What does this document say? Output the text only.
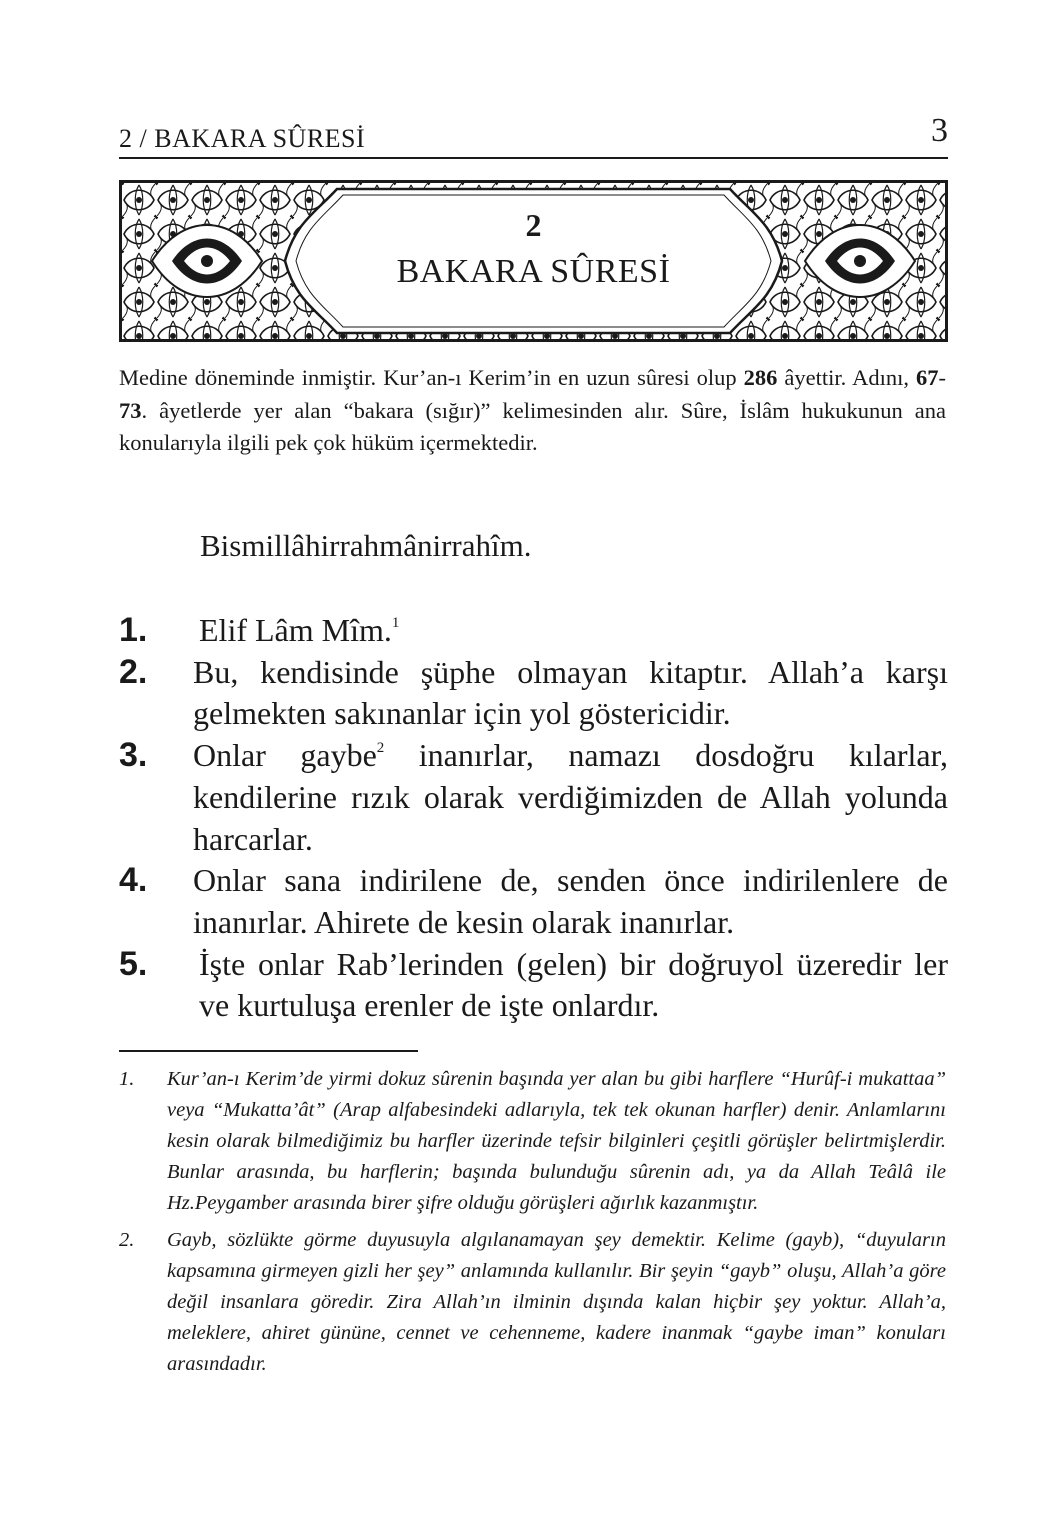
2 / BAKARA SÛRESİ	3
2
BAKARA SÛRESİ
Medine döneminde inmiştir. Kur’an-ı Kerim’in en uzun sûresi olup 286 âyettir. Adını, 67-73. âyetlerde yer alan “bakara (sığır)” kelimesinden alır. Sûre, İslâm hukukunun ana konularıyla ilgili pek çok hüküm içermektedir.
Bismillâhirrahmânirrahîm.
1. Elif Lâm Mîm.$^1$
2. Bu, kendisinde şüphe olmayan kitaptır. Allah’a karşı gelmekten sakınanlar için yol göstericidir.
3. Onlar gaybe$^2$ inanırlar, namazı dosdoğru kılarlar, kendilerine rızık olarak verdiğimizden de Allah yolunda harcarlar.
4. Onlar sana indirilene de, senden önce indirilenlere de inanırlar. Ahirete de kesin olarak inanırlar.
5. İşte onlar Rab’lerinden (gelen) bir doğruyol üzeredir ler ve kurtuluşa erenler de işte onlardır.
1. Kur’an-ı Kerim’de yirmi dokuz sûrenin başında yer alan bu gibi harflere “Hurûf-i mukattaa” veya “Mukatta’ât” (Arap alfabesindeki adlarıyla, tek tek okunan harfler) denir. Anlamlarını kesin olarak bilmediğimiz bu harfler üzerinde tefsir bilginleri çeşitli görüşler belirtmişlerdir. Bunlar arasında, bu harflerin; başında bulunduğu sûrenin adı, ya da Allah Teâlâ ile Hz.Peygamber arasında birer şifre olduğu görüşleri ağırlık kazanmıştır.
2. Gayb, sözlükte görme duyusuyla algılanamayan şey demektir. Kelime (gayb), “duyuların kapsamına girmeyen gizli her şey” anlamında kullanılır. Bir şeyin “gayb” oluşu, Allah’a göre değil insanlara göredir. Zira Allah’ın ilminin dışında kalan hiçbir şey yoktur. Allah’a, meleklere, ahiret gününe, cennet ve cehenneme, kadere inanmak “gaybe iman” konuları arasındadır.
